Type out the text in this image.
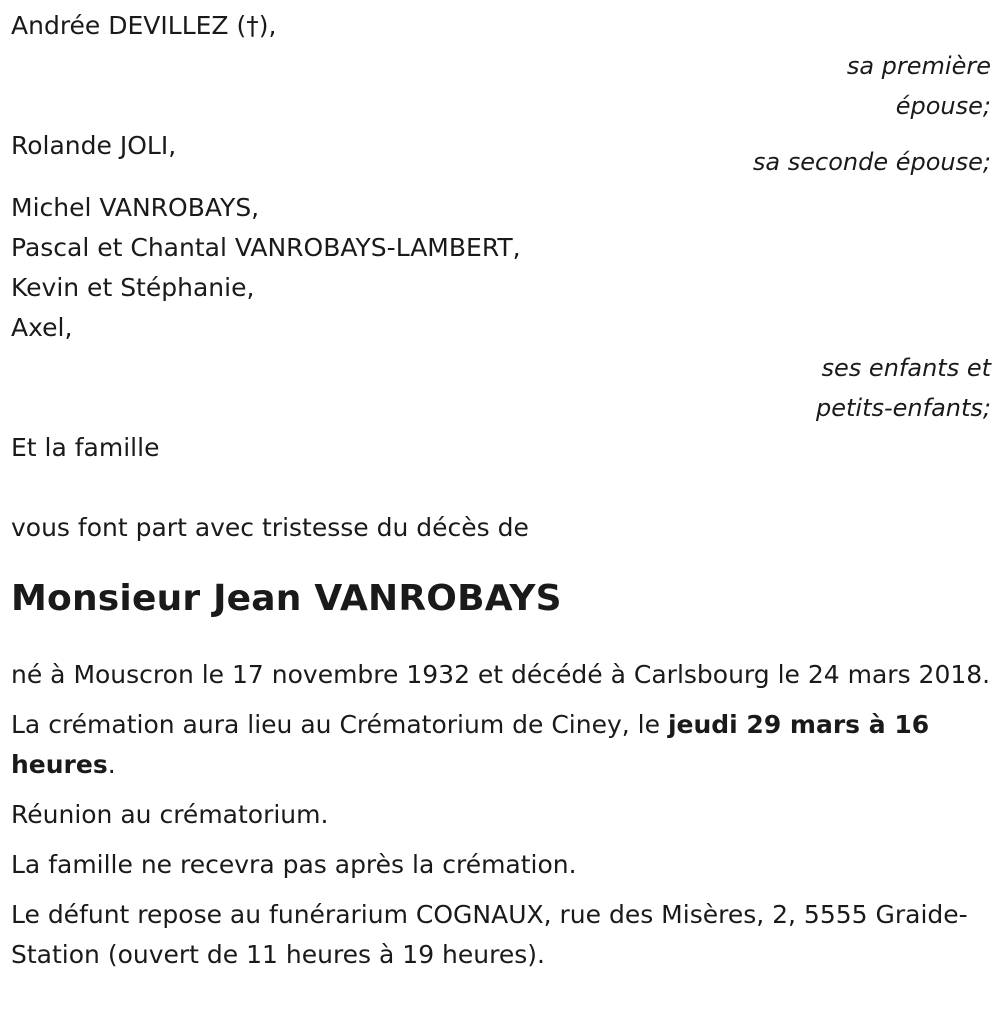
Andrée DEVILLEZ (†),
sa première
épouse;
Rolande JOLI,
sa seconde épouse;
Michel VANROBAYS,
Pascal et Chantal VANROBAYS-LAMBERT,
Kevin et Stéphanie,
Axel,
ses enfants et
petits-enfants;
Et la famille
vous font part avec tristesse du décès de
Monsieur Jean VANROBAYS

né à Mouscron le 17 novembre 1932 et décédé à Carlsbourg le 24 mars 2018.

La crémation aura lieu au Crématorium de Ciney, le jeudi 29 mars à 16 heures.

Réunion au crématorium.

La famille ne recevra pas après la crémation.

Le défunt repose au funérarium COGNAUX, rue des Misères, 2, 5555 Graide-Station (ouvert de 11 heures à 19 heures).
